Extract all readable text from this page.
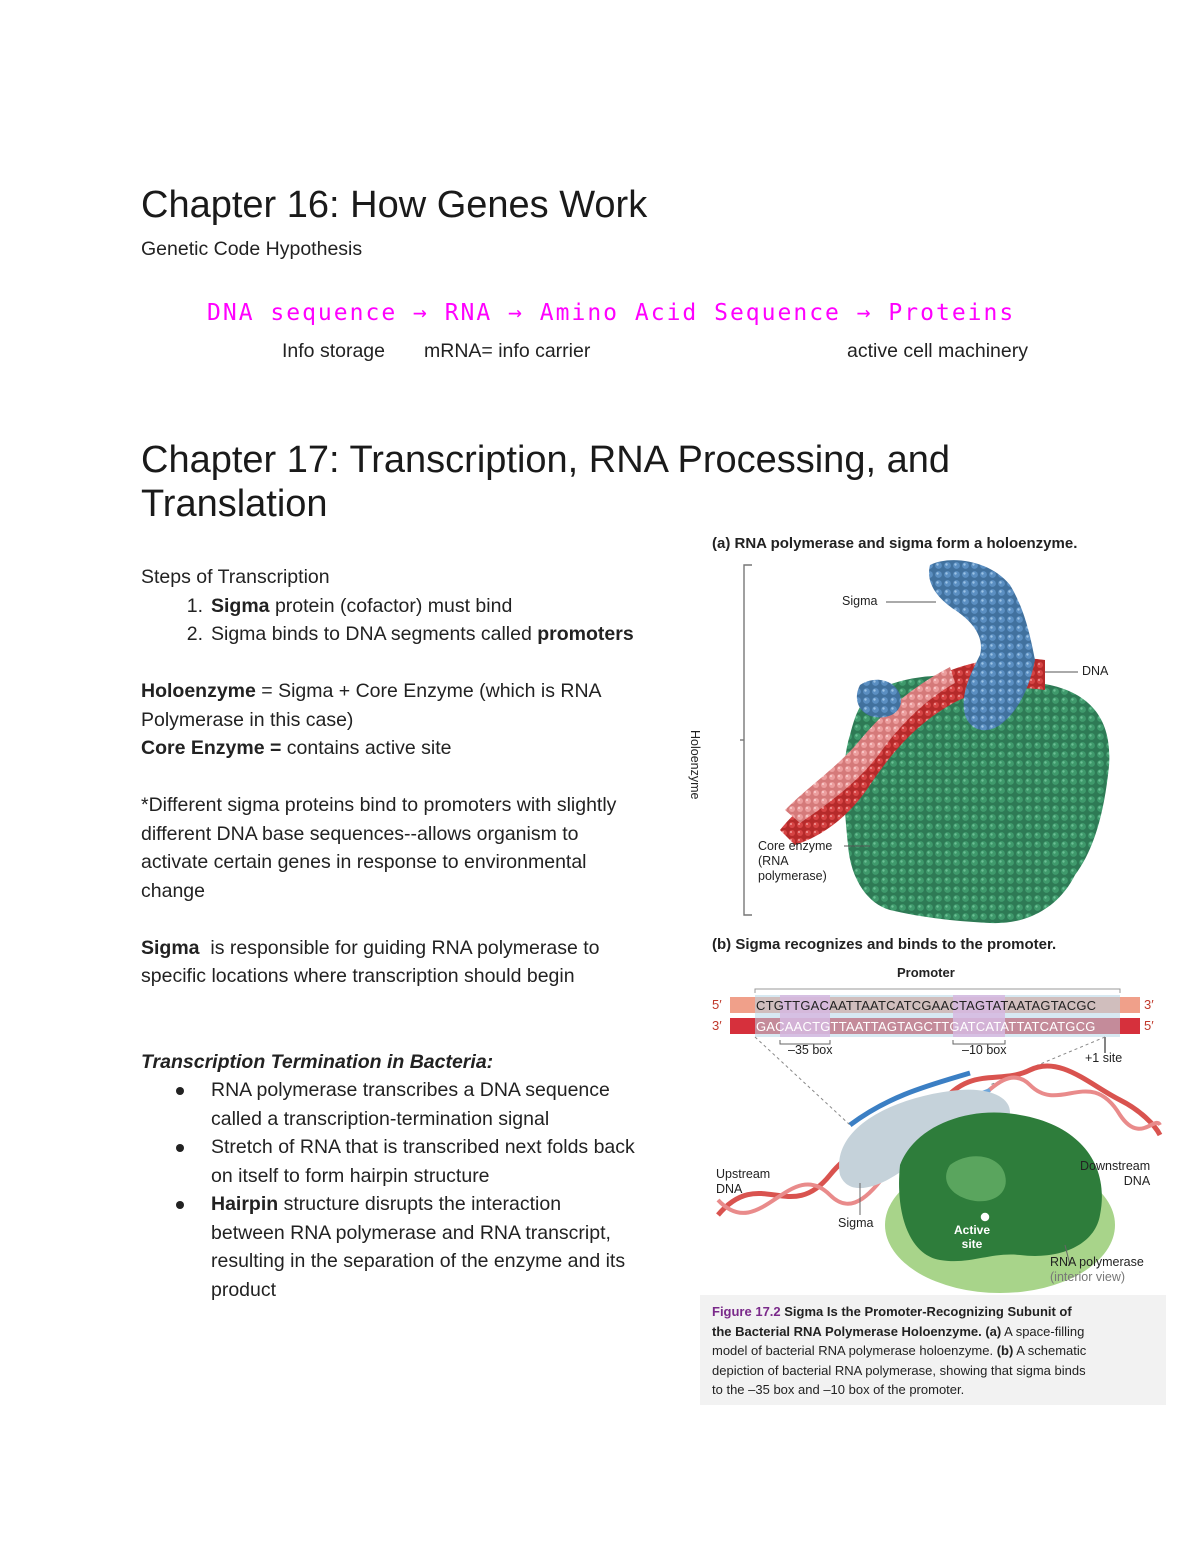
Chapter 16: How Genes Work
Genetic Code Hypothesis
DNA sequence → RNA → Amino Acid Sequence → Proteins
Info storage mRNA= info carrier	active cell machinery
Chapter 17: Transcription, RNA Processing, and
Translation
Steps of Transcription
1. Sigma protein (cofactor) must bind
2. Sigma binds to DNA segments called promoters
Holoenzyme = Sigma + Core Enzyme (which is RNA
Polymerase in this case)
Core Enzyme = contains active site
*Different sigma proteins bind to promoters with slightly
different DNA base sequences--allows organism to
activate certain genes in response to environmental
change
Sigma  is responsible for guiding RNA polymerase to
specific locations where transcription should begin
Transcription Termination in Bacteria:
RNA polymerase transcribes a DNA sequence
called a transcription-termination signal
Stretch of RNA that is transcribed next folds back
on itself to form hairpin structure
Hairpin structure disrupts the interaction
between RNA polymerase and RNA transcript,
resulting in the separation of the enzyme and its
product
(a) RNA polymerase and sigma form a holoenzyme.
Sigma
DNA
Holoenzyme
Core enzyme
(RNA
polymerase)
(b) Sigma recognizes and binds to the promoter.
Promoter
5′
3′
3′
5′
CTGTTGACAATTAATCATCGAACTAGTATAATAGTACGC
GACAACTGTTAATTAGTAGCTTGATCATATTATCATGCG
–35 box	–10 box
+1 site
Upstream
DNA
Downstream
DNA
Sigma	Active
site
RNA polymerase
(interior view)
Figure 17.2 Sigma Is the Promoter-Recognizing Subunit of
the Bacterial RNA Polymerase Holoenzyme. (a) A space-filling
model of bacterial RNA polymerase holoenzyme. (b) A schematic
depiction of bacterial RNA polymerase, showing that sigma binds
to the –35 box and –10 box of the promoter.
